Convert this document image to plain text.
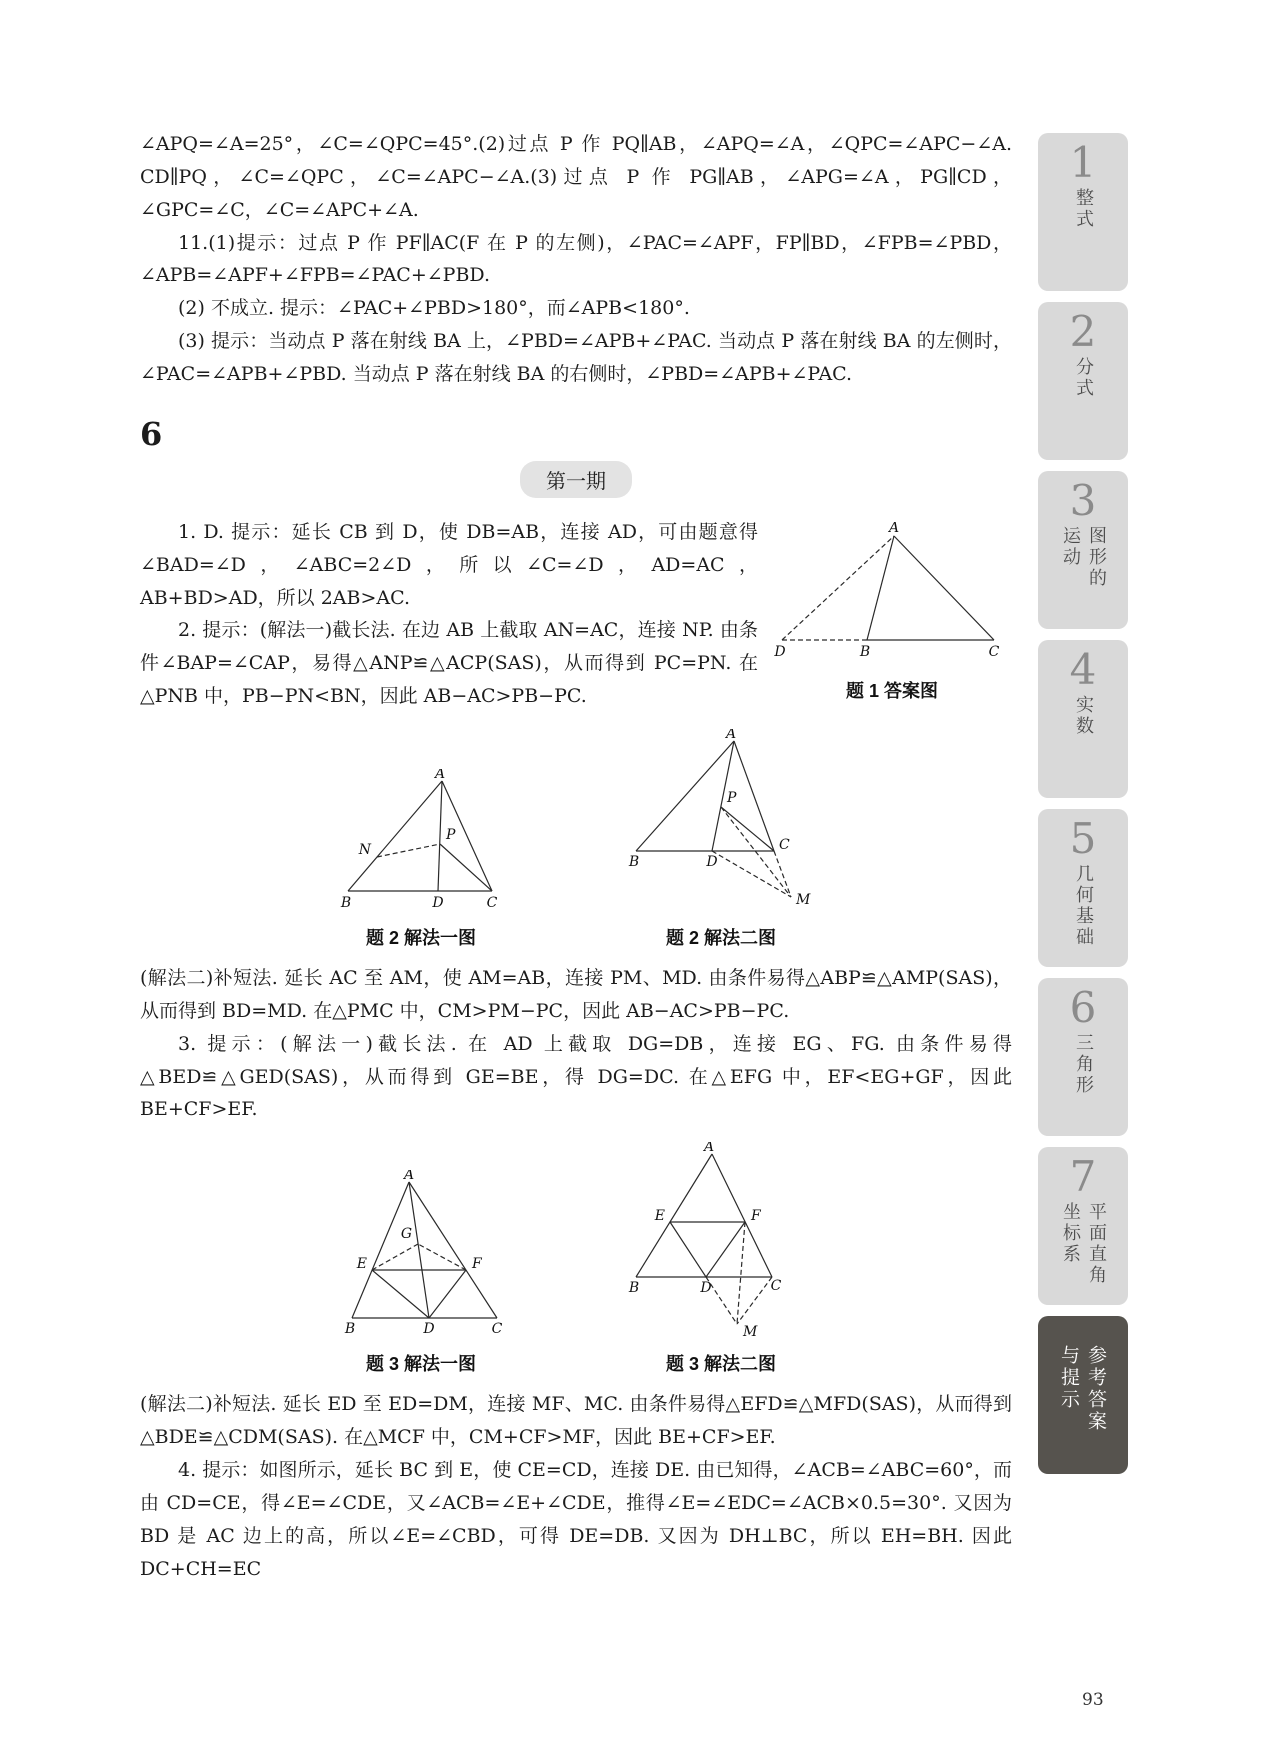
∠APQ=∠A=25°，∠C=∠QPC=45°.(2)过点 P 作 PQ∥AB，∠APQ=∠A，∠QPC=∠APC−∠A. CD∥PQ，∠C=∠QPC，∠C=∠APC−∠A.(3)过点 P 作 PG∥AB，∠APG=∠A，PG∥CD，∠GPC=∠C，∠C=∠APC+∠A.

11.(1)提示：过点 P 作 PF∥AC(F 在 P 的左侧)，∠PAC=∠APF，FP∥BD，∠FPB=∠PBD，∠APB=∠APF+∠FPB=∠PAC+∠PBD.

(2) 不成立. 提示：∠PAC+∠PBD>180°，而∠APB<180°.

(3) 提示：当动点 P 落在射线 BA 上，∠PBD=∠APB+∠PAC. 当动点 P 落在射线 BA 的左侧时，∠PAC=∠APB+∠PBD. 当动点 P 落在射线 BA 的右侧时，∠PBD=∠APB+∠PAC.

6
第一期
A
D	B	C
题 1 答案图

1. D. 提示：延长 CB 到 D，使 DB=AB，连接 AD，可由题意得∠BAD=∠D，∠ABC=2∠D，所以∠C=∠D，AD=AC，AB+BD>AD，所以 2AB>AC.

2. 提示：(解法一)截长法. 在边 AB 上截取 AN=AC，连接 NP. 由条件∠BAP=∠CAP，易得△ANP≌△ACP(SAS)，从而得到 PC=PN. 在△PNB 中，PB−PN<BN，因此 AB−AC>PB−PC.

A
N
P
B	D	C
题 2 解法一图
A
P
B	D
C
M
题 2 解法二图

(解法二)补短法. 延长 AC 至 AM，使 AM=AB，连接 PM、MD. 由条件易得△ABP≌△AMP(SAS)，从而得到 BD=MD. 在△PMC 中，CM>PM−PC，因此 AB−AC>PB−PC.

3. 提示：(解法一)截长法. 在 AD 上截取 DG=DB，连接 EG、FG. 由条件易得△BED≌△GED(SAS)，从而得到 GE=BE，得 DG=DC. 在△EFG 中，EF<EG+GF，因此 BE+CF>EF.

A
G
E	F
B	D	C
题 3 解法一图
A
E	F
B	D	C
M
题 3 解法二图

(解法二)补短法. 延长 ED 至 ED=DM，连接 MF、MC. 由条件易得△EFD≌△MFD(SAS)，从而得到△BDE≌△CDM(SAS). 在△MCF 中，CM+CF>MF，因此 BE+CF>EF.

4. 提示：如图所示，延长 BC 到 E，使 CE=CD，连接 DE. 由已知得，∠ACB=∠ABC=60°，而由 CD=CE，得∠E=∠CDE，又∠ACB=∠E+∠CDE，推得∠E=∠EDC=∠ACB×0.5=30°. 又因为 BD 是 AC 边上的高，所以∠E=∠CBD，可得 DE=DB. 又因为 DH⊥BC，所以 EH=BH. 因此 DC+CH=EC

1
整式
2
分式
3
图形的运动
4
实数
5
几何基础
6
三角形
7
平面直角坐标系
参考答案与提示
93
